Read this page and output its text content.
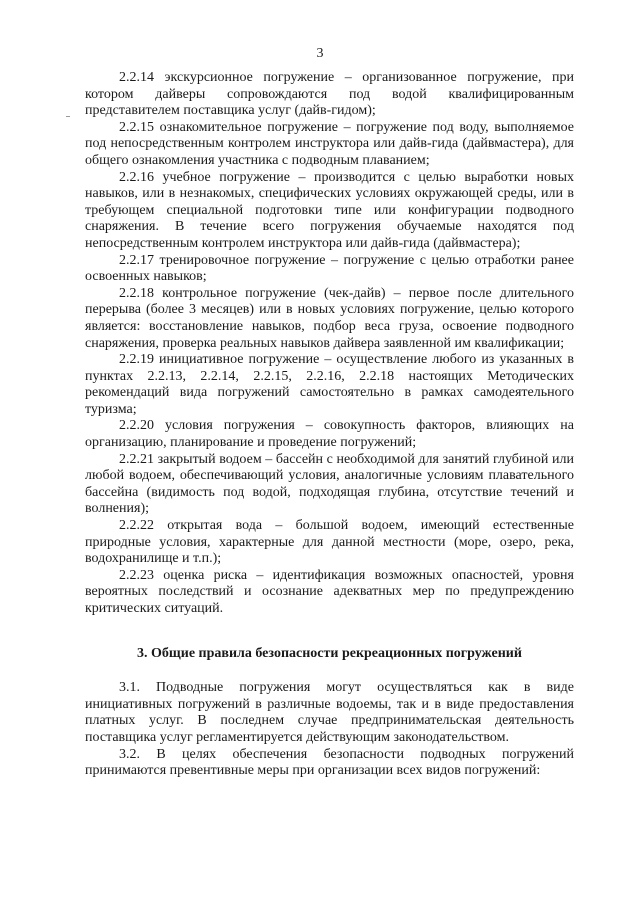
3

2.2.14 экскурсионное погружение – организованное погружение, при котором дайверы сопровождаются под водой квалифицированным представителем поставщика услуг (дайв-гидом);

2.2.15 ознакомительное погружение – погружение под воду, выполняемое под непосредственным контролем инструктора или дайв-гида (дайвмастера), для общего ознакомления участника с подводным плаванием;

2.2.16 учебное погружение – производится с целью выработки новых навыков, или в незнакомых, специфических условиях окружающей среды, или в требующем специальной подготовки типе или конфигурации подводного снаряжения. В течение всего погружения обучаемые находятся под непосредственным контролем инструктора или дайв-гида (дайвмастера);

2.2.17 тренировочное погружение – погружение с целью отработки ранее освоенных навыков;

2.2.18 контрольное погружение (чек-дайв) – первое после длительного перерыва (более 3 месяцев) или в новых условиях погружение, целью которого является: восстановление навыков, подбор веса груза, освоение подводного снаряжения, проверка реальных навыков дайвера заявленной им квалификации;

2.2.19 инициативное погружение – осуществление любого из указанных в пунктах 2.2.13, 2.2.14, 2.2.15, 2.2.16, 2.2.18 настоящих Методических рекомендаций вида погружений самостоятельно в рамках самодеятельного туризма;

2.2.20 условия погружения – совокупность факторов, влияющих на организацию, планирование и проведение погружений;

2.2.21 закрытый водоем – бассейн с необходимой для занятий глубиной или любой водоем, обеспечивающий условия, аналогичные условиям плавательного бассейна (видимость под водой, подходящая глубина, отсутствие течений и волнения);

2.2.22 открытая вода – большой водоем, имеющий естественные природные условия, характерные для данной местности (море, озеро, река, водохранилище и т.п.);

2.2.23 оценка риска – идентификация возможных опасностей, уровня вероятных последствий и осознание адекватных мер по предупреждению критических ситуаций.

3. Общие правила безопасности рекреационных погружений

3.1. Подводные погружения могут осуществляться как в виде инициативных погружений в различные водоемы, так и в виде предоставления платных услуг. В последнем случае предпринимательская деятельность поставщика услуг регламентируется действующим законодательством.

3.2. В целях обеспечения безопасности подводных погружений принимаются превентивные меры при организации всех видов погружений:
